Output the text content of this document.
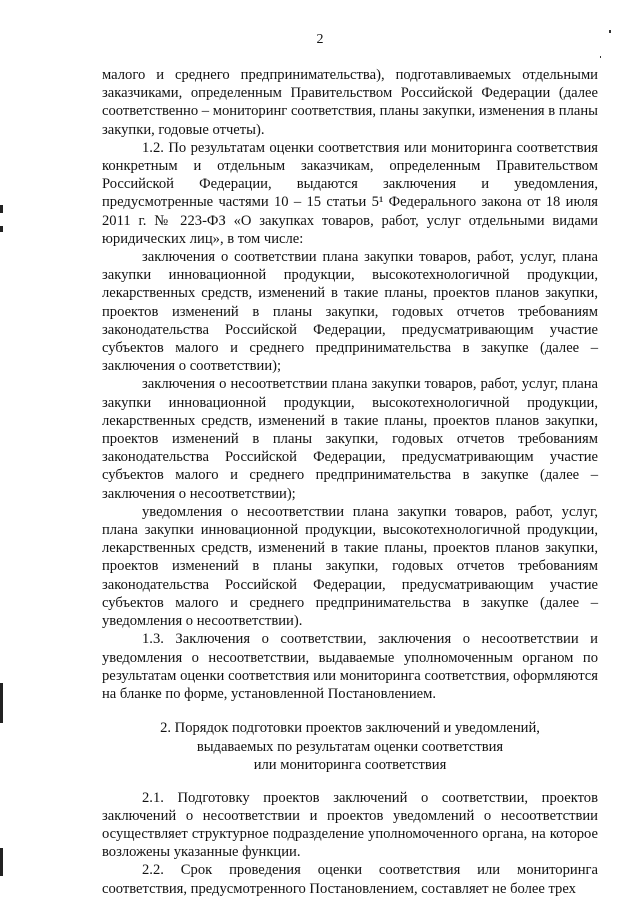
2

малого и среднего предпринимательства), подготавливаемых отдельными заказчиками, определенным Правительством Российской Федерации (далее соответственно – мониторинг соответствия, планы закупки, изменения в планы закупки, годовые отчеты).

1.2. По результатам оценки соответствия или мониторинга соответствия конкретным и отдельным заказчикам, определенным Правительством Российской Федерации, выдаются заключения и уведомления, предусмотренные частями 10 – 15 статьи 5¹ Федерального закона от 18 июля 2011 г. № 223-ФЗ «О закупках товаров, работ, услуг отдельными видами юридических лиц», в том числе:

заключения о соответствии плана закупки товаров, работ, услуг, плана закупки инновационной продукции, высокотехнологичной продукции, лекарственных средств, изменений в такие планы, проектов планов закупки, проектов изменений в планы закупки, годовых отчетов требованиям законодательства Российской Федерации, предусматривающим участие субъектов малого и среднего предпринимательства в закупке (далее – заключения о соответствии);

заключения о несоответствии плана закупки товаров, работ, услуг, плана закупки инновационной продукции, высокотехнологичной продукции, лекарственных средств, изменений в такие планы, проектов планов закупки, проектов изменений в планы закупки, годовых отчетов требованиям законодательства Российской Федерации, предусматривающим участие субъектов малого и среднего предпринимательства в закупке (далее – заключения о несоответствии);

уведомления о несоответствии плана закупки товаров, работ, услуг, плана закупки инновационной продукции, высокотехнологичной продукции, лекарственных средств, изменений в такие планы, проектов планов закупки, проектов изменений в планы закупки, годовых отчетов требованиям законодательства Российской Федерации, предусматривающим участие субъектов малого и среднего предпринимательства в закупке (далее – уведомления о несоответствии).

1.3. Заключения о соответствии, заключения о несоответствии и уведомления о несоответствии, выдаваемые уполномоченным органом по результатам оценки соответствия или мониторинга соответствия, оформляются на бланке по форме, установленной Постановлением.

2. Порядок подготовки проектов заключений и уведомлений,
выдаваемых по результатам оценки соответствия
или мониторинга соответствия

2.1. Подготовку проектов заключений о соответствии, проектов заключений о несоответствии и проектов уведомлений о несоответствии осуществляет структурное подразделение уполномоченного органа, на которое возложены указанные функции.

2.2. Срок проведения оценки соответствия или мониторинга соответствия, предусмотренного Постановлением, составляет не более трех
